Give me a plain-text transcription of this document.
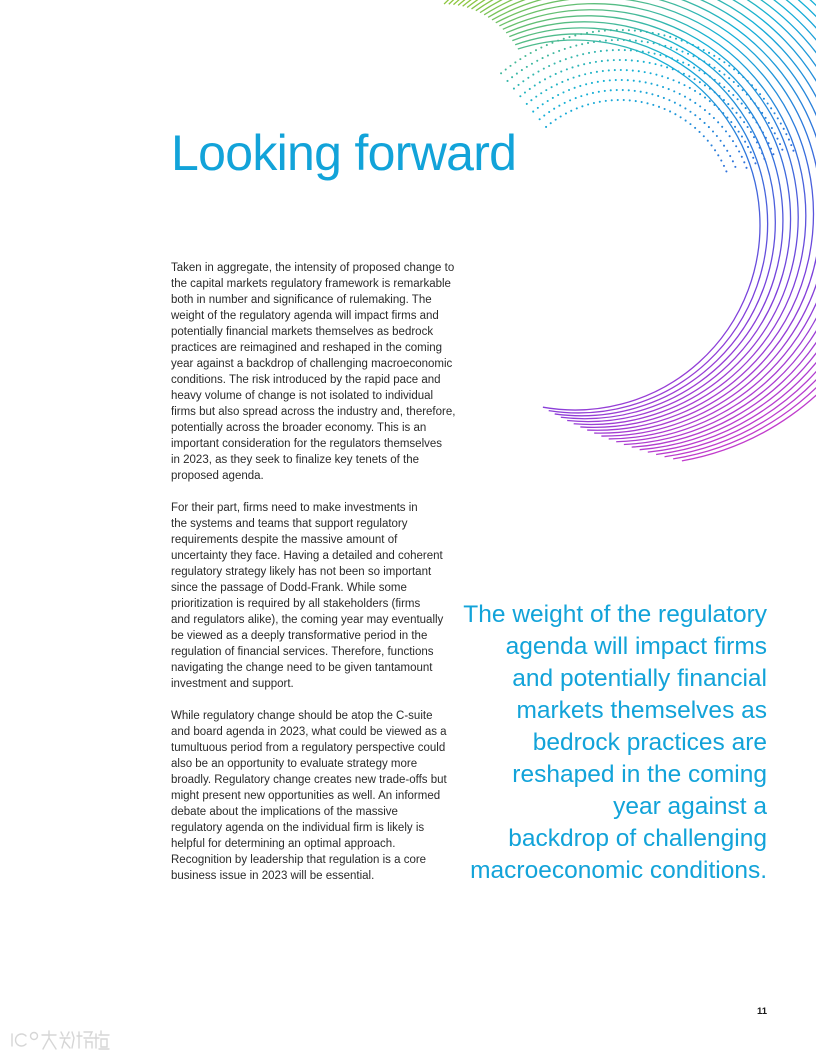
Looking forward

Taken in aggregate, the intensity of proposed change to
the capital markets regulatory framework is remarkable
both in number and significance of rulemaking. The
weight of the regulatory agenda will impact firms and
potentially financial markets themselves as bedrock
practices are reimagined and reshaped in the coming
year against a backdrop of challenging macroeconomic
conditions. The risk introduced by the rapid pace and
heavy volume of change is not isolated to individual
firms but also spread across the industry and, therefore,
potentially across the broader economy. This is an
important consideration for the regulators themselves
in 2023, as they seek to finalize key tenets of the
proposed agenda.

For their part, firms need to make investments in
the systems and teams that support regulatory
requirements despite the massive amount of
uncertainty they face. Having a detailed and coherent
regulatory strategy likely has not been so important
since the passage of Dodd-Frank. While some
prioritization is required by all stakeholders (firms
and regulators alike), the coming year may eventually
be viewed as a deeply transformative period in the
regulation of financial services. Therefore, functions
navigating the change need to be given tantamount
investment and support.

While regulatory change should be atop the C-suite
and board agenda in 2023, what could be viewed as a
tumultuous period from a regulatory perspective could
also be an opportunity to evaluate strategy more
broadly. Regulatory change creates new trade-offs but
might present new opportunities as well. An informed
debate about the implications of the massive
regulatory agenda on the individual firm is likely is
helpful for determining an optimal approach.
Recognition by leadership that regulation is a core
business issue in 2023 will be essential.

The weight of the regulatory
agenda will impact firms
and potentially financial
markets themselves as
bedrock practices are
reshaped in the coming
year against a
backdrop of challenging
macroeconomic conditions.
11
